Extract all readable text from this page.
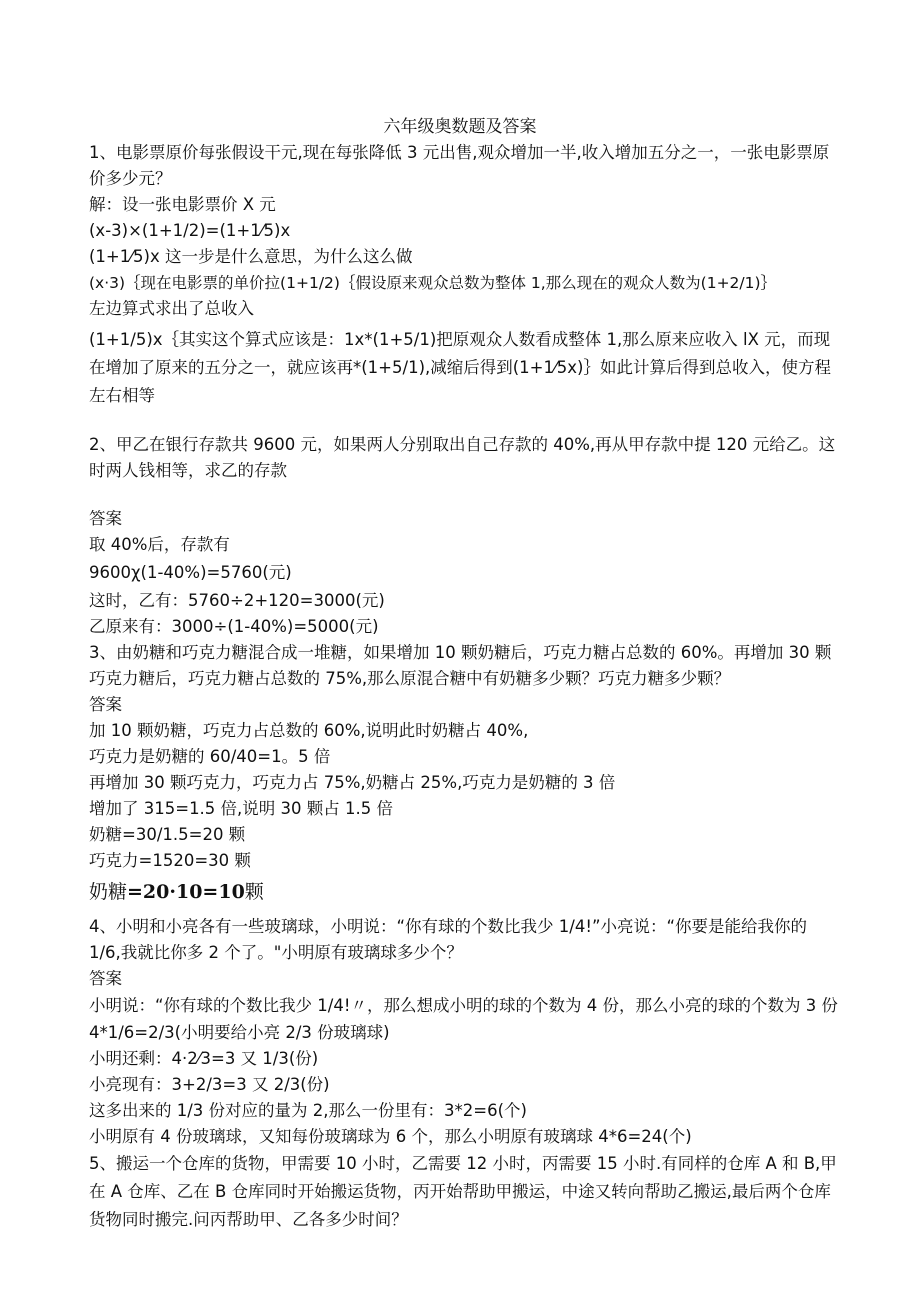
六年级奥数题及答案
1、电影票原价每张假设干元,现在每张降低 3 元出售,观众增加一半,收入增加五分之一，一张电影票原价多少元？
解：设一张电影票价 X 元
(x-3)×(1+1/2)=(1+1⁄5)x
(1+1⁄5)x 这一步是什么意思，为什么这么做
(x·3)｛现在电影票的单价拉(1+1/2)｛假设原来观众总数为整体 1,那么现在的观众人数为(1+2/1)｝
左边算式求出了总收入
(1+1/5)x｛其实这个算式应该是：1x*(1+5/1)把原观众人数看成整体 1,那么原来应收入 lX 元，而现在增加了原来的五分之一，就应该再*(1+5/1),减缩后得到(1+1⁄5x)｝如此计算后得到总收入，使方程左右相等
2、甲乙在银行存款共 9600 元，如果两人分别取出自己存款的 40%,再从甲存款中提 120 元给乙。这时两人钱相等，求乙的存款
答案
取 40%后，存款有
9600χ(1-40%)=5760(元)
这时，乙有：5760÷2+120=3000(元)
乙原来有：3000÷(1-40%)=5000(元)
3、由奶糖和巧克力糖混合成一堆糖，如果增加 10 颗奶糖后，巧克力糖占总数的 60%。再增加 30 颗巧克力糖后，巧克力糖占总数的 75%,那么原混合糖中有奶糖多少颗？巧克力糖多少颗？
答案
加 10 颗奶糖，巧克力占总数的 60%,说明此时奶糖占 40%,
巧克力是奶糖的 60/40=1。5 倍
再增加 30 颗巧克力，巧克力占 75%,奶糖占 25%,巧克力是奶糖的 3 倍
增加了 315=1.5 倍,说明 30 颗占 1.5 倍
奶糖=30/1.5=20 颗
巧克力=1520=30 颗
奶糖=20·10=10颗
4、小明和小亮各有一些玻璃球，小明说：“你有球的个数比我少 1/4!”小亮说：“你要是能给我你的 1/6,我就比你多 2 个了。"小明原有玻璃球多少个？
答案
小明说：“你有球的个数比我少 1/4!〃，那么想成小明的球的个数为 4 份，那么小亮的球的个数为 3 份
4*1/6=2/3(小明要给小亮 2/3 份玻璃球)
小明还剩：4·2⁄3=3 又 1/3(份)
小亮现有：3+2/3=3 又 2/3(份)
这多出来的 1/3 份对应的量为 2,那么一份里有：3*2=6(个)
小明原有 4 份玻璃球，又知每份玻璃球为 6 个，那么小明原有玻璃球 4*6=24(个)
5、搬运一个仓库的货物，甲需要 10 小时，乙需要 12 小时，丙需要 15 小时.有同样的仓库 A 和 B,甲在 A 仓库、乙在 B 仓库同时开始搬运货物，丙开始帮助甲搬运，中途又转向帮助乙搬运,最后两个仓库货物同时搬完.问丙帮助甲、乙各多少时间？
